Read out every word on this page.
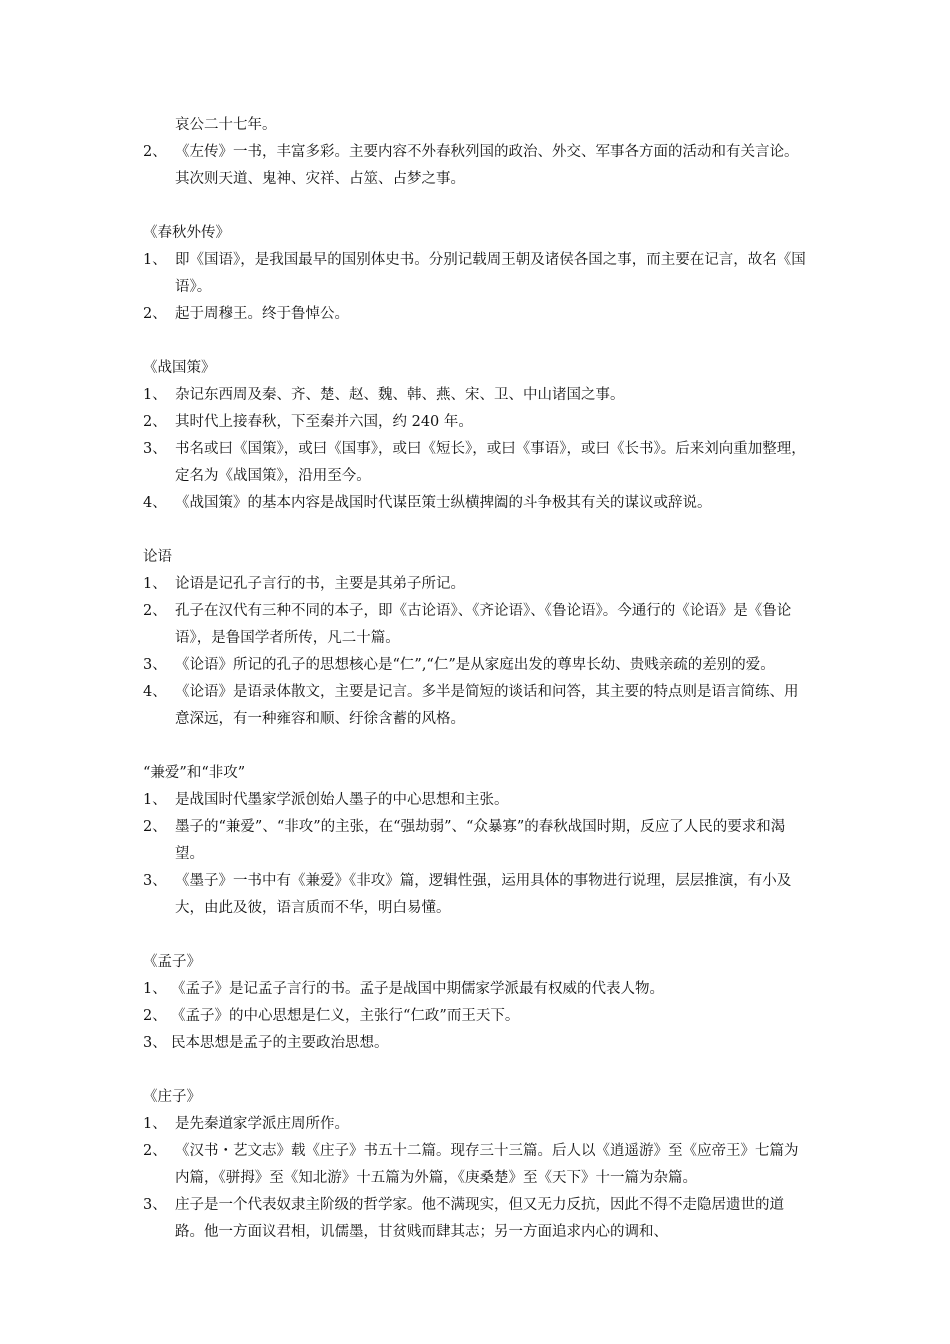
哀公二十七年。
2、 《左传》一书，丰富多彩。主要内容不外春秋列国的政治、外交、军事各方面的活动和有关言论。其次则天道、鬼神、灾祥、占筮、占梦之事。
《春秋外传》
1、 即《国语》，是我国最早的国别体史书。分别记载周王朝及诸侯各国之事，而主要在记言，故名《国语》。
2、 起于周穆王。终于鲁悼公。
《战国策》
1、 杂记东西周及秦、齐、楚、赵、魏、韩、燕、宋、卫、中山诸国之事。
2、 其时代上接春秋，下至秦并六国，约 240 年。
3、 书名或曰《国策》，或曰《国事》，或曰《短长》，或曰《事语》，或曰《长书》。后来刘向重加整理，定名为《战国策》，沿用至今。
4、 《战国策》的基本内容是战国时代谋臣策士纵横捭阖的斗争极其有关的谋议或辞说。
论语
1、 论语是记孔子言行的书，主要是其弟子所记。
2、 孔子在汉代有三种不同的本子，即《古论语》、《齐论语》、《鲁论语》。今通行的《论语》是《鲁论语》，是鲁国学者所传，凡二十篇。
3、 《论语》所记的孔子的思想核心是“仁”,“仁”是从家庭出发的尊卑长幼、贵贱亲疏的差别的爱。
4、 《论语》是语录体散文，主要是记言。多半是简短的谈话和问答，其主要的特点则是语言简练、用意深远，有一种雍容和顺、纡徐含蓄的风格。
“兼爱”和“非攻”
1、 是战国时代墨家学派创始人墨子的中心思想和主张。
2、 墨子的“兼爱”、“非攻”的主张，在“强劫弱”、“众暴寡”的春秋战国时期，反应了人民的要求和渴望。
3、 《墨子》一书中有《兼爱》《非攻》篇，逻辑性强，运用具体的事物进行说理，层层推演，有小及大，由此及彼，语言质而不华，明白易懂。
《孟子》
1、 《孟子》是记孟子言行的书。孟子是战国中期儒家学派最有权威的代表人物。
2、 《孟子》的中心思想是仁义，主张行“仁政”而王天下。
3、 民本思想是孟子的主要政治思想。
《庄子》
1、 是先秦道家学派庄周所作。
2、 《汉书・艺文志》载《庄子》书五十二篇。现存三十三篇。后人以《逍遥游》至《应帝王》七篇为内篇，《骈拇》至《知北游》十五篇为外篇，《庚桑楚》至《天下》十一篇为杂篇。
3、 庄子是一个代表奴隶主阶级的哲学家。他不满现实，但又无力反抗，因此不得不走隐居遗世的道路。他一方面议君相，讥儒墨，甘贫贱而肆其志；另一方面追求内心的调和、
